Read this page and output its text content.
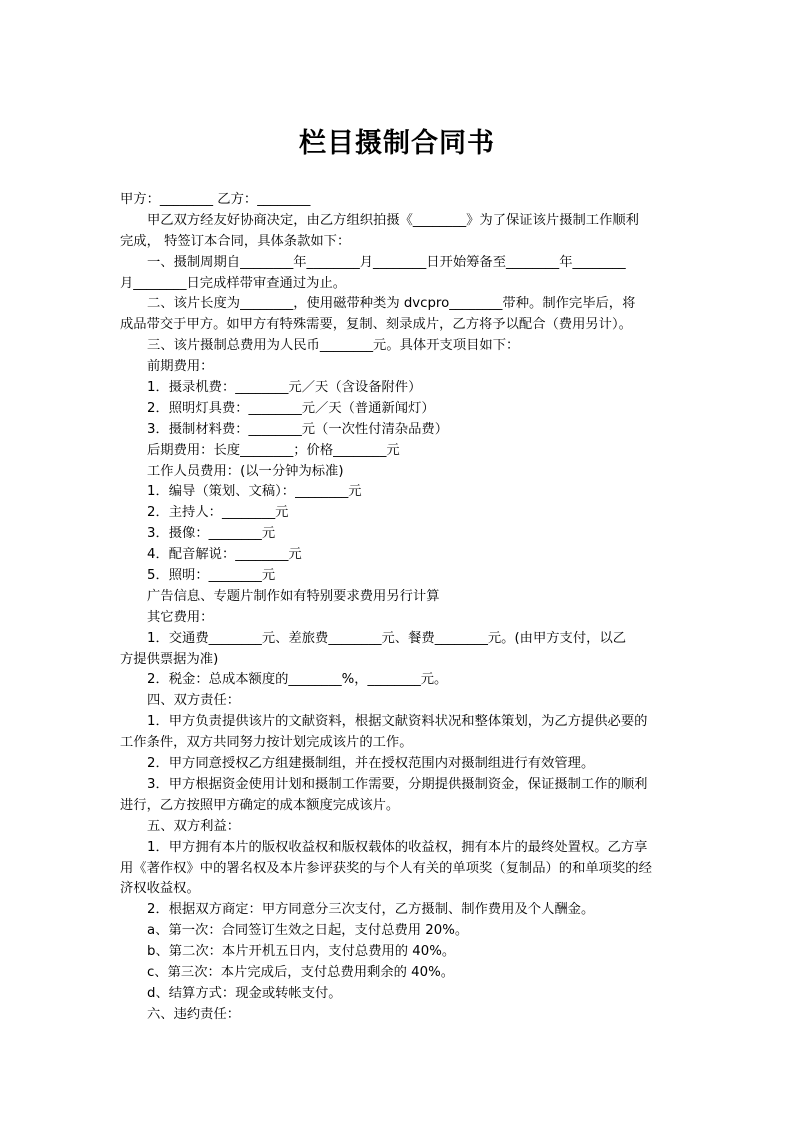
栏目摄制合同书
甲方：________ 乙方：________
甲乙双方经友好协商决定，由乙方组织拍摄《________》为了保证该片摄制工作顺利
完成， 特签订本合同，具体条款如下：
一、摄制周期自________年________月________日开始筹备至________年________
月________日完成样带审查通过为止。
二、该片长度为________，使用磁带种类为 dvcpro________带种。制作完毕后，将
成品带交于甲方。如甲方有特殊需要，复制、刻录成片，乙方将予以配合（费用另计）。
三、该片摄制总费用为人民币________元。具体开支项目如下：
前期费用：
1．摄录机费：________元／天（含设备附件）
2．照明灯具费：________元／天（普通新闻灯）
3．摄制材料费：________元（一次性付清杂品费）
后期费用：长度________；价格________元
工作人员费用：(以一分钟为标准)
1．编导（策划、文稿）：________元
2．主持人：________元
3．摄像：________元
4．配音解说：________元
5．照明：________元
广告信息、专题片制作如有特别要求费用另行计算
其它费用：
1．交通费________元、差旅费________元、餐费________元。(由甲方支付，以乙
方提供票据为准)
2．税金：总成本额度的________%，________元。
四、双方责任：
1．甲方负责提供该片的文献资料，根据文献资料状况和整体策划，为乙方提供必要的
工作条件，双方共同努力按计划完成该片的工作。
2．甲方同意授权乙方组建摄制组，并在授权范围内对摄制组进行有效管理。
3．甲方根据资金使用计划和摄制工作需要，分期提供摄制资金，保证摄制工作的顺利
进行，乙方按照甲方确定的成本额度完成该片。
五、双方利益：
1．甲方拥有本片的版权收益权和版权载体的收益权，拥有本片的最终处置权。乙方享
用《著作权》中的署名权及本片参评获奖的与个人有关的单项奖（复制品）的和单项奖的经
济权收益权。
2．根据双方商定：甲方同意分三次支付，乙方摄制、制作费用及个人酬金。
a、第一次：合同签订生效之日起，支付总费用 20%。
b、第二次：本片开机五日内，支付总费用的 40%。
c、第三次：本片完成后，支付总费用剩余的 40%。
d、结算方式：现金或转帐支付。
六、违约责任：
